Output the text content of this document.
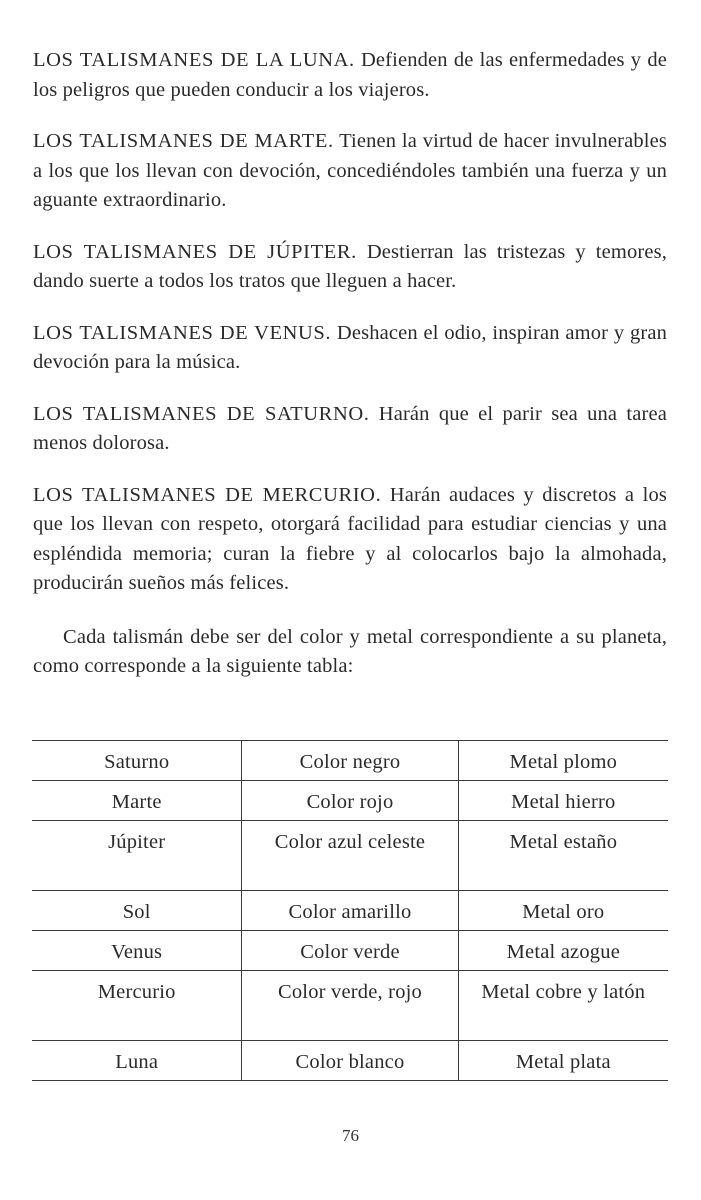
LOS TALISMANES DE LA LUNA. Defienden de las enfermedades y de los peligros que pueden conducir a los viajeros.

LOS TALISMANES DE MARTE. Tienen la virtud de hacer invulnerables a los que los llevan con devoción, concediéndoles también una fuerza y un aguante extraordinario.

LOS TALISMANES DE JÚPITER. Destierran las tristezas y temores, dando suerte a todos los tratos que lleguen a hacer.

LOS TALISMANES DE VENUS. Deshacen el odio, inspiran amor y gran devoción para la música.

LOS TALISMANES DE SATURNO. Harán que el parir sea una tarea menos dolorosa.

LOS TALISMANES DE MERCURIO. Harán audaces y discretos a los que los llevan con respeto, otorgará facilidad para estudiar ciencias y una espléndida memoria; curan la fiebre y al colocarlos bajo la almohada, producirán sueños más felices.

Cada talismán debe ser del color y metal correspondiente a su planeta, como corresponde a la siguiente tabla:

Saturno	Color negro	Metal plomo
Marte	Color rojo	Metal hierro
Júpiter	Color azul celeste	Metal estaño
Sol	Color amarillo	Metal oro
Venus	Color verde	Metal azogue
Mercurio	Color verde, rojo	Metal cobre y latón
Luna	Color blanco	Metal plata
76
